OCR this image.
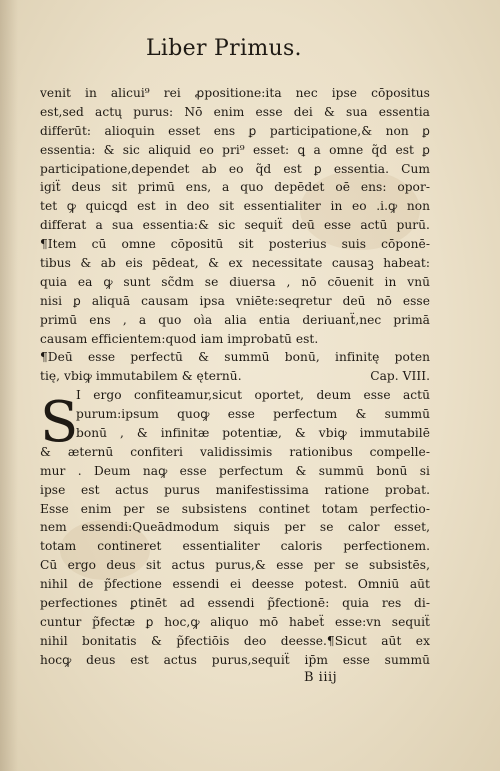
Liber Primus.
venit in alicui⁹ rei ꝓpositione:ita nec ipse cōpositus
est,sed actų purus: Nō enim esse dei & sua essentia
differūt: alioquin esset ens ꝑ participatione,& non ꝑ
essentia: & sic aliquid eo pri⁹ esset: ꝗ a omne q̃d est ꝑ
participatione,dependet ab eo q̃d est ꝑ essentia. Cum
igiẗ deus sit primū ens, a quo depēdet oē ens: opor-
tet ꝙ quicꝗd est in deo sit essentialiter in eo .i.ꝙ non
differat a sua essentia:& sic sequiẗ deū esse actū purū.
¶Item cū omne cōpositū sit posterius suis cōponē-
tibus & ab eis pēdeat, & ex necessitate causaꝫ habeat:
quia ea ꝙ sunt sc̃dm se diuersa , nō cōuenit in vnū
nisi ꝑ aliquā causam ipsa vniēte:seqretur deū nō esse
primū ens , a quo oìa alia entia deriuanẗ,nec primā
causam efficientem:quod iam improbatū est.
¶Deū esse perfectū & summū bonū, infinitę poten
tię, vbiꝙ immutabilem & ęternū.	Cap. VIII.
I ergo confiteamur,sicut oportet, deum esse actū
purum:ipsum quoꝙ esse perfectum & summū
bonū , & infinitæ potentiæ, & vbiꝙ immutabilē
& æternū confiteri validissimis rationibus compelle-
mur . Deum naꝙ esse perfectum & summū bonū si
ipse est actus purus manifestissima ratione probat.
Esse enim per se subsistens continet totam perfectio-
nem essendi:Queādmodum siquis per se calor esset,
totam contineret essentialiter caloris perfectionem.
Cū ergo deus sit actus purus,& esse per se subsistēs,
nihil de p̃fectione essendi ei deesse potest. Omniū aūt
perfectiones ꝑtinēt ad essendi p̃fectionē: quia res di-
cuntur p̃fectæ ꝑ hoc,ꝙ aliquo mō habeẗ esse:vn sequiẗ
nihil bonitatis & p̃fectiōis deo deesse.¶Sicut aūt ex
hocꝙ deus est actus purus,sequiẗ ip̄m esse summū
S
B iiij
